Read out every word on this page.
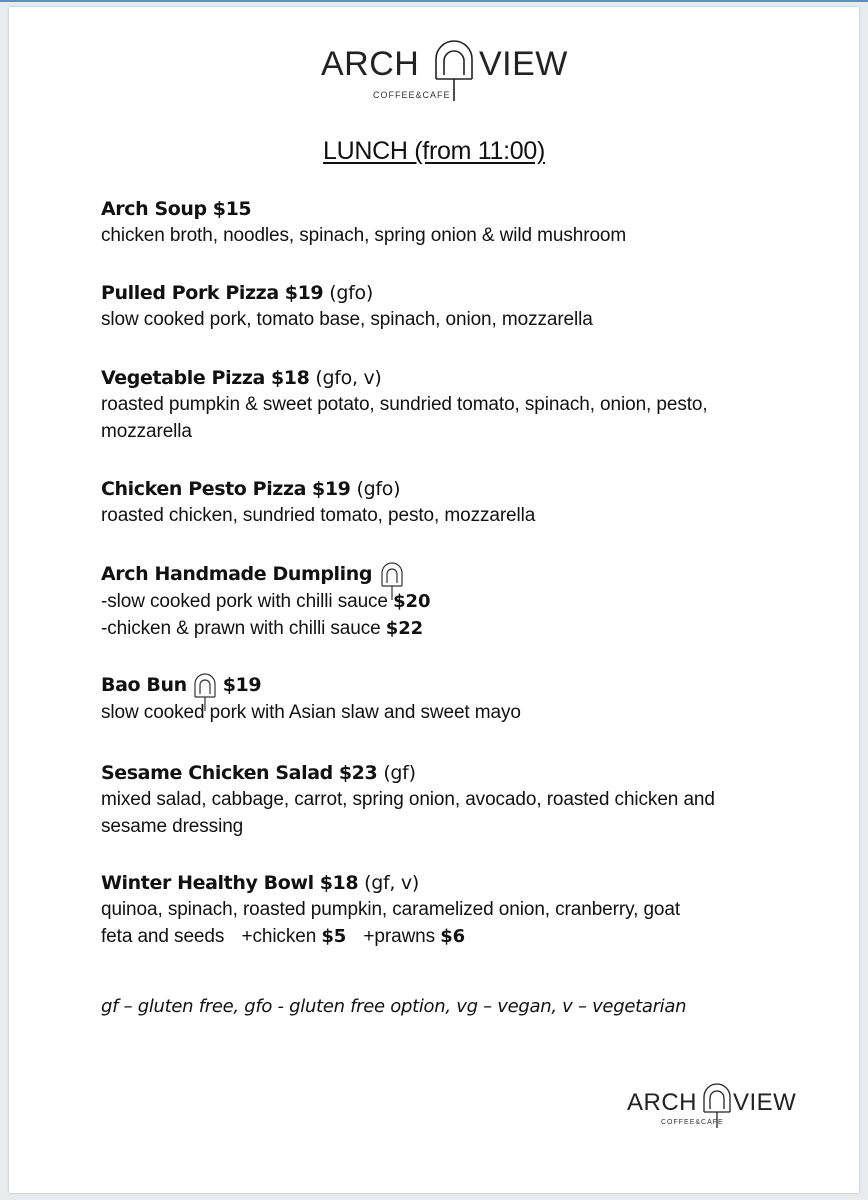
ARCH VIEW
COFFEE&CAFE
LUNCH (from 11:00)
Arch Soup $15
chicken broth, noodles, spinach, spring onion & wild mushroom
Pulled Pork Pizza $19 (gfo)
slow cooked pork, tomato base, spinach, onion, mozzarella
Vegetable Pizza $18 (gfo, v)
roasted pumpkin & sweet potato, sundried tomato, spinach, onion, pesto,
mozzarella
Chicken Pesto Pizza $19 (gfo)
roasted chicken, sundried tomato, pesto, mozzarella
Arch Handmade Dumpling
-slow cooked pork with chilli sauce $20
-chicken & prawn with chilli sauce $22
Bao Bun $19
slow cooked pork with Asian slaw and sweet mayo
Sesame Chicken Salad $23 (gf)
mixed salad, cabbage, carrot, spring onion, avocado, roasted chicken and
sesame dressing
Winter Healthy Bowl $18 (gf, v)
quinoa, spinach, roasted pumpkin, caramelized onion, cranberry, goat
feta and seeds +chicken $5 +prawns $6
gf – gluten free, gfo - gluten free option, vg – vegan, v – vegetarian
ARCH VIEW
COFFEE&CAFE
